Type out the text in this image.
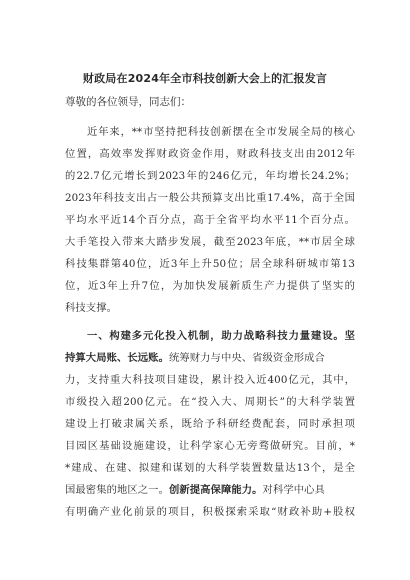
财政局在2024年全市科技创新大会上的汇报发言
尊敬的各位领导，同志们：
近年来，**市坚持把科技创新摆在全市发展全局的核心
位置，高效率发挥财政资金作用，财政科技支出由2012年
的22.7亿元增长到2023年的246亿元，年均增长24.2%；
2023年科技支出占一般公共预算支出比重17.4%，高于全国
平均水平近14个百分点，高于全省平均水平11个百分点。
大手笔投入带来大踏步发展，截至2023年底，**市居全球
科技集群第40位，近3年上升50位；居全球科研城市第13
位，近3年上升7位，为加快发展新质生产力提供了坚实的
科技支撑。
一、构建多元化投入机制，助力战略科技力量建设。坚
持算大局账、长远账。统筹财力与中央、省级资金形成合
力，支持重大科技项目建设，累计投入近400亿元，其中，
市级投入超200亿元。在“投入大、周期长”的大科学装置
建设上打破隶属关系，既给予科研经费配套，同时承担项
目园区基础设施建设，让科学家心无旁骛做研究。目前，*
*建成、在建、拟建和谋划的大科学装置数量达13个，是全
国最密集的地区之一。创新提高保障能力。对科学中心具
有明确产业化前景的项目，积极探索采取“财政补助+股权
